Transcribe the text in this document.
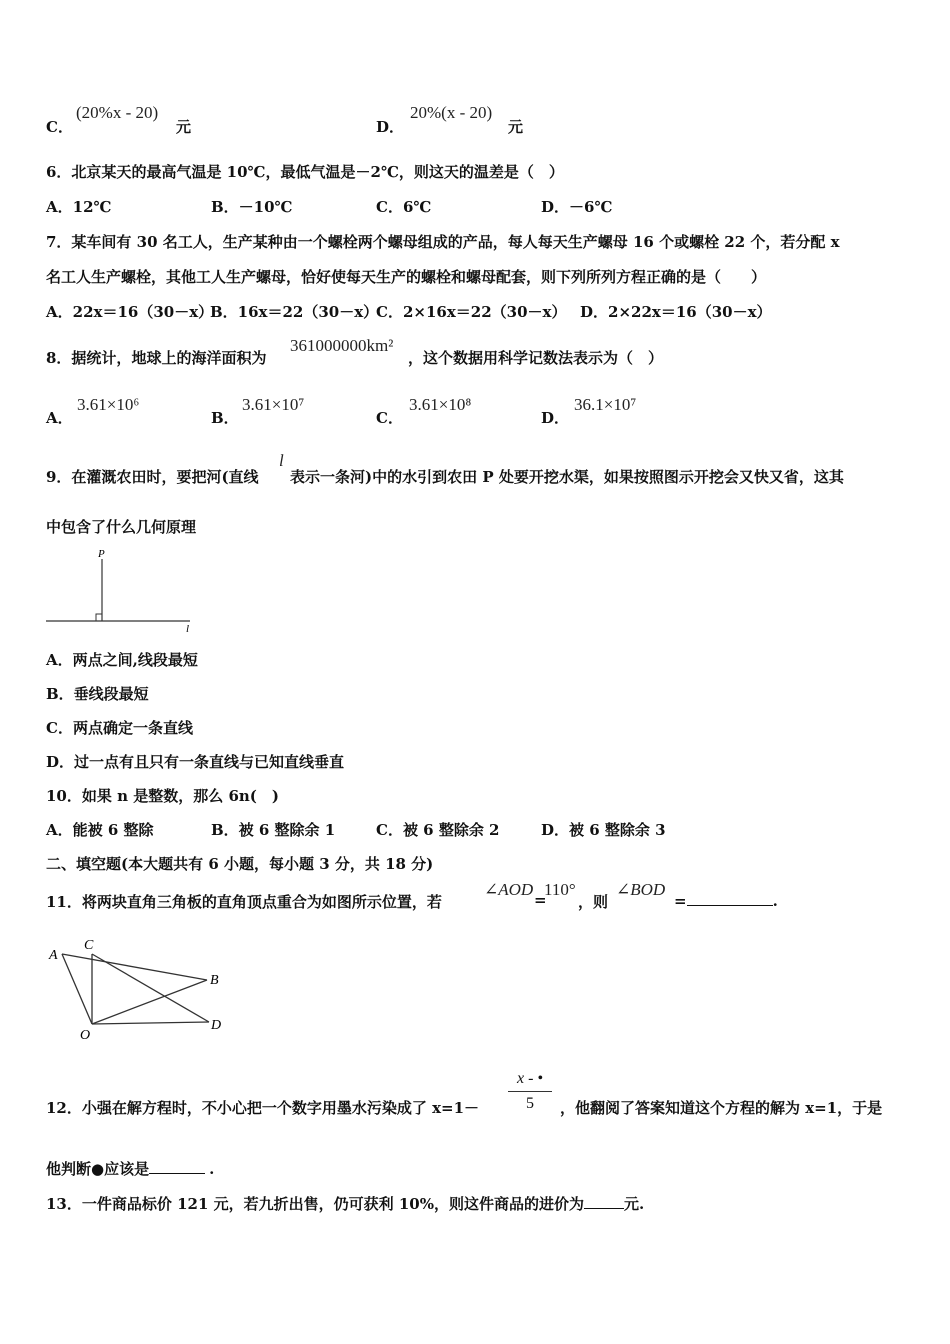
C．
(20%x - 20)
元	D．
20%(x - 20)
元
6．北京某天的最高气温是 10℃，最低气温是－2℃，则这天的温差是（　）
A．12℃	B．－10℃	C．6℃	D．－6℃
7．某车间有 30 名工人，生产某种由一个螺栓两个螺母组成的产品，每人每天生产螺母 16 个或螺栓 22 个，若分配 x
名工人生产螺栓，其他工人生产螺母，恰好使每天生产的螺栓和螺母配套，则下列所列方程正确的是（　　）
A．22x＝16（30－x）
B．16x＝22（30－x）
C．2×16x＝22（30－x） D．2×22x＝16（30－x）
8．据统计，地球上的海洋面积为
361000000km²
，这个数据用科学记数法表示为（　）
A．
3.61×10⁶
B．
3.61×10⁷
C．
3.61×10⁸
D．
36.1×10⁷
9．在灌溉农田时，要把河(直线
l
表示一条河)中的水引到农田 P 处要开挖水渠，如果按照图示开挖会又快又省，这其
中包含了什么几何原理
P
l
A．两点之间,线段最短
B．垂线段最短
C．两点确定一条直线
D．过一点有且只有一条直线与已知直线垂直
10．如果 n 是整数，那么 6n(　)
A．能被 6 整除	B．被 6 整除余 1	C．被 6 整除余 2	D．被 6 整除余 3
二、填空题(本大题共有 6 小题，每小题 3 分，共 18 分)
11．将两块直角三角板的直角顶点重合为如图所示位置，若
∠AOD
=
110°
，则
∠BOD
=	.
A
C
B
D
O
12．小强在解方程时，不小心把一个数字用墨水污染成了 $x=1- \frac{x - •}{5}$ ，他翻阅了答案知道这个方程的解为 x=1，于是
他判断●应该是	.
13．一件商品标价 121 元，若九折出售，仍可获利 10%，则这件商品的进价为	元.
